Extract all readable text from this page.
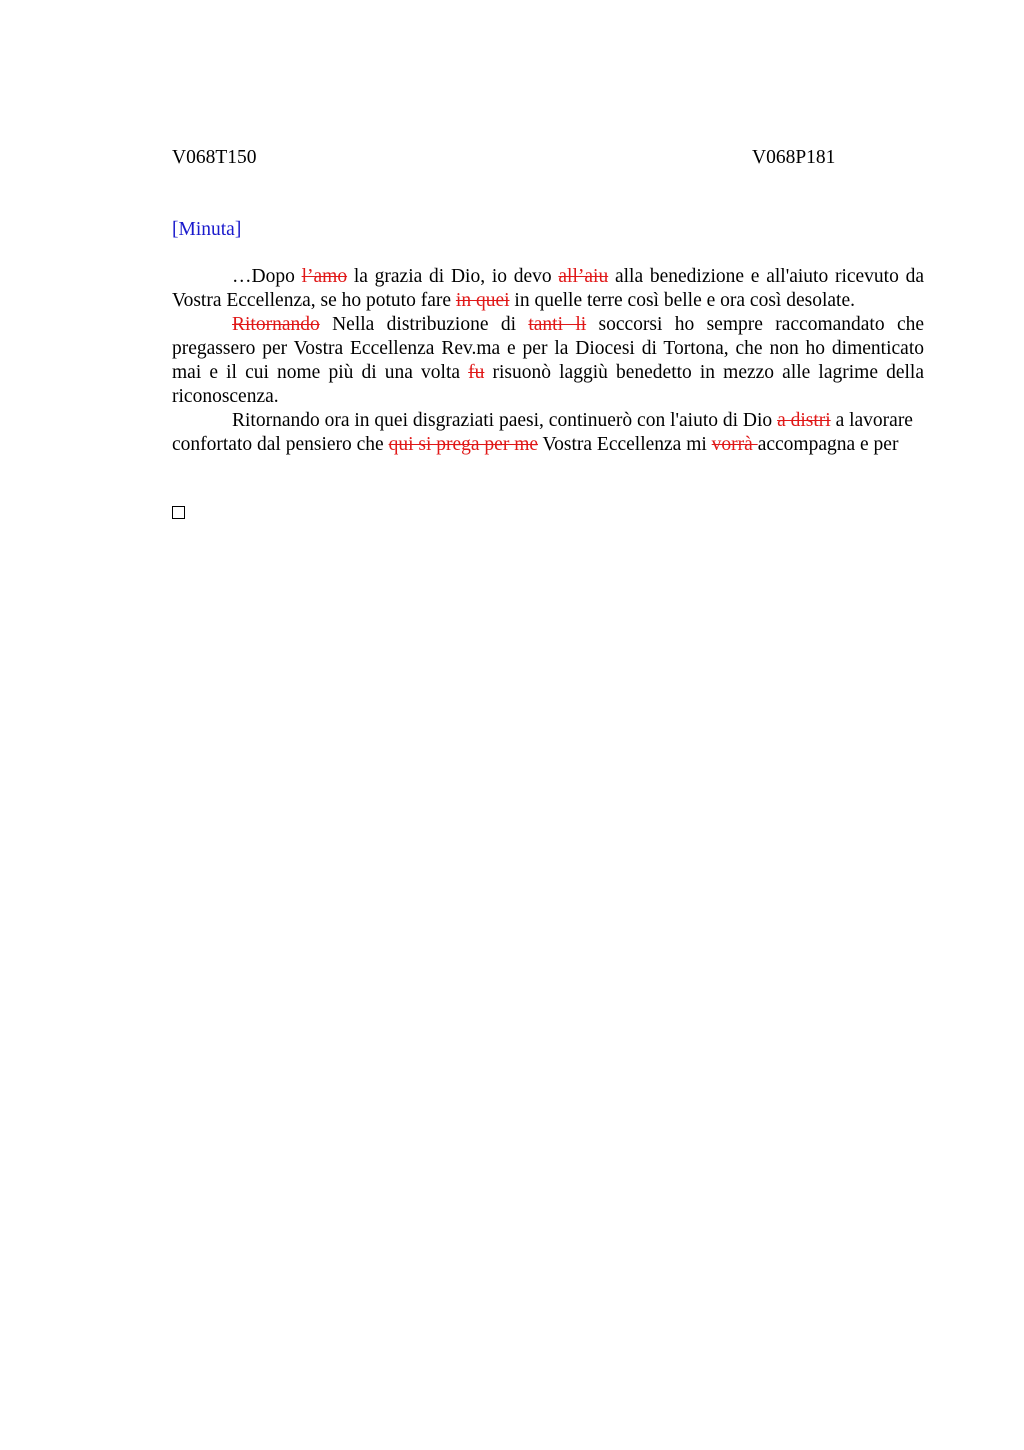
V068T150	V068P181
[Minuta]

…Dopo l’amo la grazia di Dio, io devo all’aiu alla benedizione e all'aiuto ricevuto da Vostra Eccellenza, se ho potuto fare in quei in quelle terre così belle e ora così desolate.

Ritornando Nella distribuzione di tanti li soccorsi ho sempre raccomandato che pregassero per Vostra Eccellenza Rev.ma e per la Diocesi di Tortona, che non ho dimenticato mai e il cui nome più di una volta fu risuonò laggiù benedetto in mezzo alle lagrime della riconoscenza.

Ritornando ora in quei disgraziati paesi, continuerò con l'aiuto di Dio a distri a lavorare confortato dal pensiero che qui si prega per me Vostra Eccellenza mi vorrà accompagna e per
